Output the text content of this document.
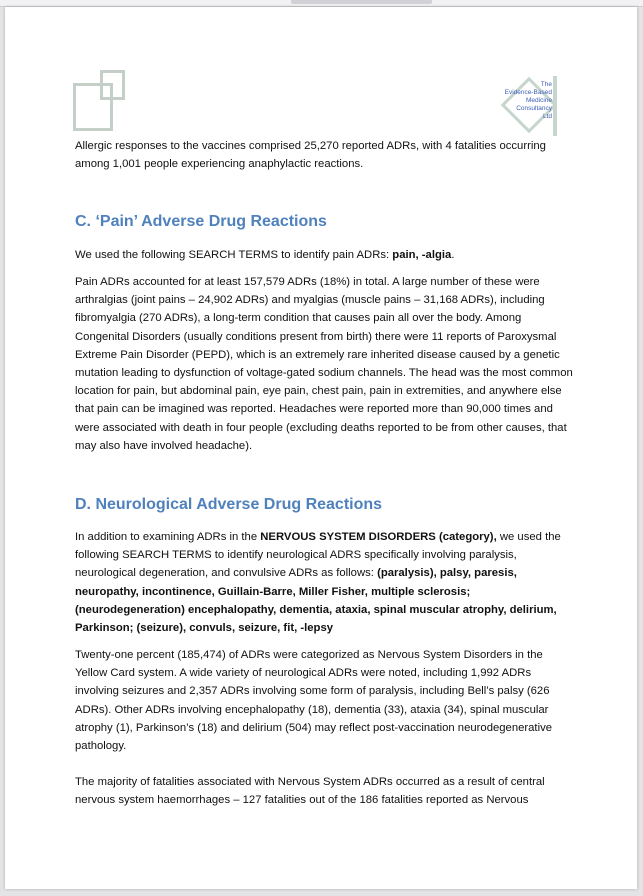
The
Evidence-Based
Medicine
Consultancy
Ltd

Allergic responses to the vaccines comprised 25,270 reported ADRs, with 4 fatalities occurring among 1,001 people experiencing anaphylactic reactions.

C. ‘Pain’ Adverse Drug Reactions

We used the following SEARCH TERMS to identify pain ADRs: pain, -algia.

Pain ADRs accounted for at least 157,579 ADRs (18%) in total. A large number of these were arthralgias (joint pains – 24,902 ADRs) and myalgias (muscle pains – 31,168 ADRs), including fibromyalgia (270 ADRs), a long-term condition that causes pain all over the body. Among Congenital Disorders (usually conditions present from birth) there were 11 reports of Paroxysmal Extreme Pain Disorder (PEPD), which is an extremely rare inherited disease caused by a genetic mutation leading to dysfunction of voltage-gated sodium channels. The head was the most common location for pain, but abdominal pain, eye pain, chest pain, pain in extremities, and anywhere else that pain can be imagined was reported. Headaches were reported more than 90,000 times and were associated with death in four people (excluding deaths reported to be from other causes, that may also have involved headache).

D. Neurological Adverse Drug Reactions

In addition to examining ADRs in the NERVOUS SYSTEM DISORDERS (category), we used the following SEARCH TERMS to identify neurological ADRS specifically involving paralysis, neurological degeneration, and convulsive ADRs as follows: (paralysis), palsy, paresis, neuropathy, incontinence, Guillain-Barre, Miller Fisher, multiple sclerosis; (neurodegeneration) encephalopathy, dementia, ataxia, spinal muscular atrophy, delirium, Parkinson; (seizure), convuls, seizure, fit, -lepsy

Twenty-one percent (185,474) of ADRs were categorized as Nervous System Disorders in the Yellow Card system. A wide variety of neurological ADRs were noted, including 1,992 ADRs involving seizures and 2,357 ADRs involving some form of paralysis, including Bell’s palsy (626 ADRs). Other ADRs involving encephalopathy (18), dementia (33), ataxia (34), spinal muscular atrophy (1), Parkinson’s (18) and delirium (504) may reflect post-vaccination neurodegenerative pathology.

The majority of fatalities associated with Nervous System ADRs occurred as a result of central nervous system haemorrhages – 127 fatalities out of the 186 fatalities reported as Nervous
